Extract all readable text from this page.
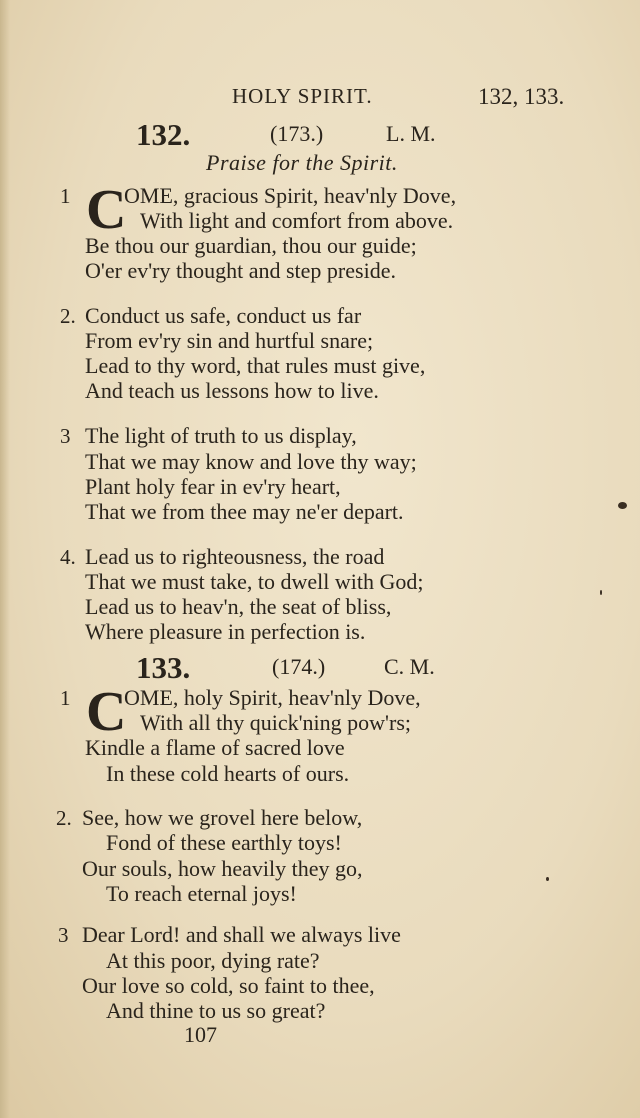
HOLY SPIRIT.	132, 133.
132.	(173.)	L. M.
Praise for the Spirit.
1 C
OME, gracious Spirit, heav'nly Dove,
With light and comfort from above.
Be thou our guardian, thou our guide;
O'er ev'ry thought and step preside.
2. Conduct us safe, conduct us far
From ev'ry sin and hurtful snare;
Lead to thy word, that rules must give,
And teach us lessons how to live.
3 The light of truth to us display,
That we may know and love thy way;
Plant holy fear in ev'ry heart,
That we from thee may ne'er depart.
4. Lead us to righteousness, the road
That we must take, to dwell with God;
Lead us to heav'n, the seat of bliss,
Where pleasure in perfection is.
133.	(174.)	C. M.
1 C
OME, holy Spirit, heav'nly Dove,
With all thy quick'ning pow'rs;
Kindle a flame of sacred love
In these cold hearts of ours.
2. See, how we grovel here below,
Fond of these earthly toys!
Our souls, how heavily they go,
To reach eternal joys!
3 Dear Lord! and shall we always live
At this poor, dying rate?
Our love so cold, so faint to thee,
And thine to us so great?
107
